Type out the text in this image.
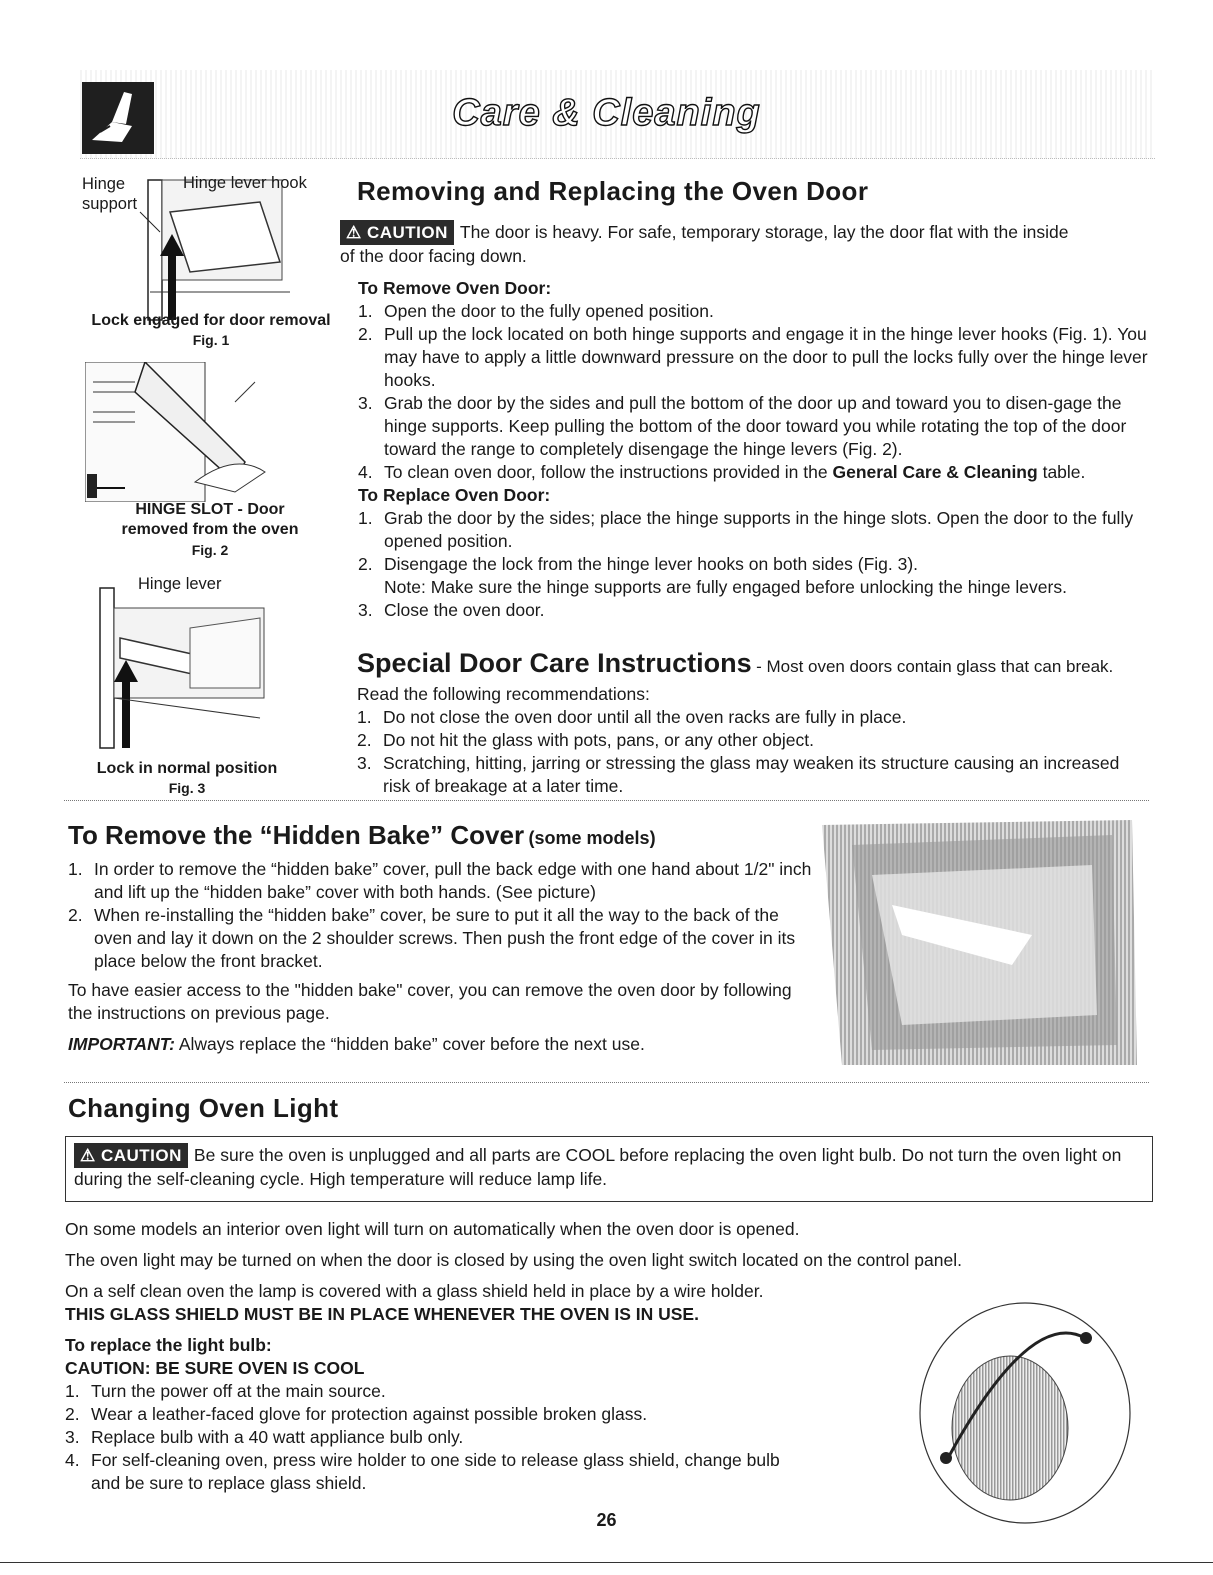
Care & Cleaning
Hinge support
Hinge lever hook
Lock engaged for door removal
Fig. 1
HINGE SLOT - Door
removed from the oven
Fig. 2
Hinge lever
Lock in normal position
Fig. 3
Removing and Replacing the Oven Door
⚠ CAUTION The door is heavy. For safe, temporary storage, lay the door flat with the inside
of the door facing down.
To Remove Oven Door:
1. Open the door to the fully opened position.
2. Pull up the lock located on both hinge supports and engage it in the hinge lever hooks (Fig. 1). You may have to apply a little downward pressure on the door to pull the locks fully over the hinge lever hooks.
3. Grab the door by the sides and pull the bottom of the door up and toward you to disen-gage the hinge supports. Keep pulling the bottom of the door toward you while rotating the top of the door toward the range to completely disengage the hinge levers (Fig. 2).
4. To clean oven door, follow the instructions provided in the General Care & Cleaning table.
To Replace Oven Door:
1. Grab the door by the sides; place the hinge supports in the hinge slots. Open the door to the fully opened position.
2. Disengage the lock from the hinge lever hooks on both sides (Fig. 3).
Note: Make sure the hinge supports are fully engaged before unlocking the hinge levers.
3. Close the oven door.
Special Door Care Instructions - Most oven doors contain glass that can break.
Read the following recommendations:
1. Do not close the oven door until all the oven racks are fully in place.
2. Do not hit the glass with pots, pans, or any other object.
3. Scratching, hitting, jarring or stressing the glass may weaken its structure causing an increased risk of breakage at a later time.
To Remove the “Hidden Bake” Cover (some models)
1. In order to remove the “hidden bake” cover, pull the back edge with one hand about 1/2" inch and lift up the “hidden bake” cover with both hands. (See picture)
2. When re-installing the “hidden bake” cover, be sure to put it all the way to the back of the oven and lay it down on the 2 shoulder screws. Then push the front edge of the cover in its place below the front bracket.
To have easier access to the "hidden bake" cover, you can remove the oven door by following the instructions on previous page.
IMPORTANT: Always replace the “hidden bake” cover before the next use.
Changing Oven Light
⚠ CAUTION Be sure the oven is unplugged and all parts are COOL before replacing the oven light bulb. Do not turn the oven light on during the self-cleaning cycle. High temperature will reduce lamp life.
On some models an interior oven light will turn on automatically when the oven door is opened.
The oven light may be turned on when the door is closed by using the oven light switch located on the control panel.
On a self clean oven the lamp is covered with a glass shield held in place by a wire holder.
THIS GLASS SHIELD MUST BE IN PLACE WHENEVER THE OVEN IS IN USE.
To replace the light bulb:
CAUTION: BE SURE OVEN IS COOL
1. Turn the power off at the main source.
2. Wear a leather-faced glove for protection against possible broken glass.
3. Replace bulb with a 40 watt appliance bulb only.
4. For self-cleaning oven, press wire holder to one side to release glass shield, change bulb and be sure to replace glass shield.
26
